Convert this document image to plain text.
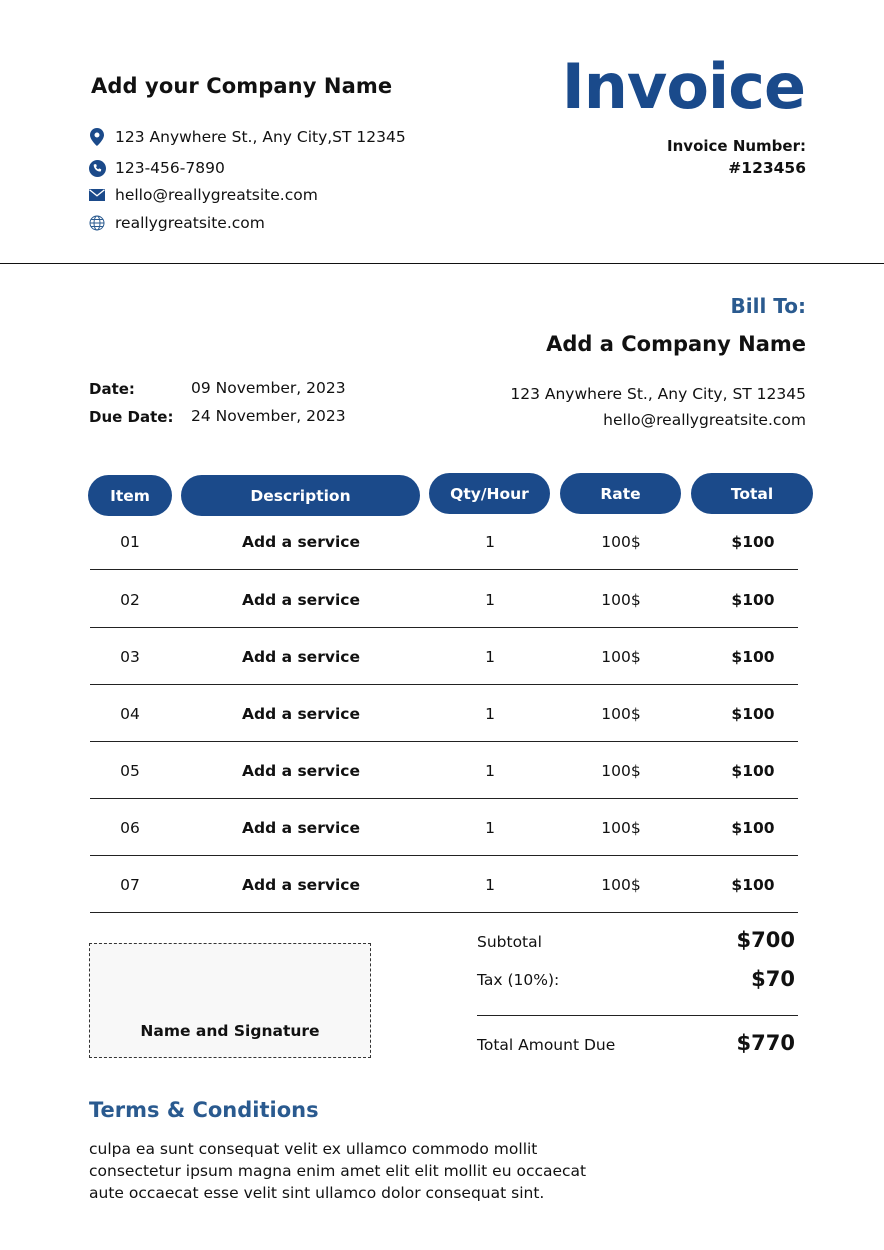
Add your Company Name
123 Anywhere St., Any City,ST 12345
123-456-7890
hello@reallygreatsite.com
reallygreatsite.com
Invoice
Invoice Number:
#123456
Bill To:
Add a Company Name
123 Anywhere St., Any City, ST 12345
hello@reallygreatsite.com
Date:	09 November, 2023
Due Date: 24 November, 2023
Item	Description	Qty/Hour	Rate	Total
01	Add a service	1	100$	$100
02	Add a service	1	100$	$100
03	Add a service	1	100$	$100
04	Add a service	1	100$	$100
05	Add a service	1	100$	$100
06	Add a service	1	100$	$100
07	Add a service	1	100$	$100
Name and Signature
Subtotal	$700
Tax (10%):	$70
Total Amount Due	$770
Terms & Conditions
culpa ea sunt consequat velit ex ullamco commodo mollit
consectetur ipsum magna enim amet elit elit mollit eu occaecat
aute occaecat esse velit sint ullamco dolor consequat sint.
